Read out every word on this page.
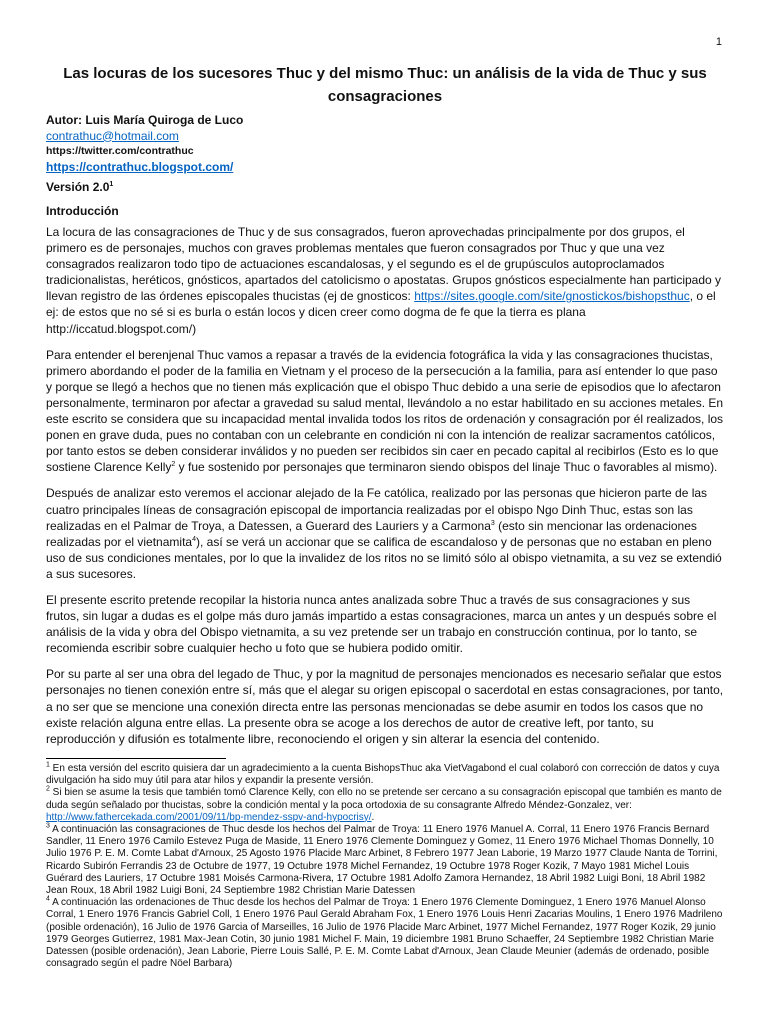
1
Las locuras de los sucesores Thuc y del mismo Thuc: un análisis de la vida de Thuc y sus consagraciones
Autor: Luis María Quiroga de Luco
contrathuc@hotmail.com
https://twitter.com/contrathuc
https://contrathuc.blogspot.com/
Versión $2.0^1$
Introducción

La locura de las consagraciones de Thuc y de sus consagrados, fueron aprovechadas principalmente por dos grupos, el primero es de personajes, muchos con graves problemas mentales que fueron consagrados por Thuc y que una vez consagrados realizaron todo tipo de actuaciones escandalosas, y el segundo es el de grupúsculos autoproclamados tradicionalistas, heréticos, gnósticos, apartados del catolicismo o apostatas. Grupos gnósticos especialmente han participado y llevan registro de las órdenes episcopales thucistas (ej de gnosticos: https://sites.google.com/site/gnostickos/bishopsthuc, o el ej: de estos que no sé si es burla o están locos y dicen creer como dogma de fe que la tierra es plana http://iccatud.blogspot.com/)

Para entender el berenjenal Thuc vamos a repasar a través de la evidencia fotográfica la vida y las consagraciones thucistas, primero abordando el poder de la familia en Vietnam y el proceso de la persecución a la familia, para así entender lo que paso y porque se llegó a hechos que no tienen más explicación que el obispo Thuc debido a una serie de episodios que lo afectaron personalmente, terminaron por afectar a gravedad su salud mental, llevándolo a no estar habilitado en su acciones metales. En este escrito se considera que su incapacidad mental invalida todos los ritos de ordenación y consagración por él realizados, los ponen en grave duda, pues no contaban con un celebrante en condición ni con la intención de realizar sacramentos católicos, por tanto estos se deben considerar inválidos y no pueden ser recibidos sin caer en pecado capital al recibirlos (Esto es lo que sostiene Clarence Kelly$^2$ y fue sostenido por personajes que terminaron siendo obispos del linaje Thuc o favorables al mismo).

Después de analizar esto veremos el accionar alejado de la Fe católica, realizado por las personas que hicieron parte de las cuatro principales líneas de consagración episcopal de importancia realizadas por el obispo Ngo Dinh Thuc, estas son las realizadas en el Palmar de Troya, a Datessen, a Guerard des Lauriers y a Carmona$^3$ (esto sin mencionar las ordenaciones realizadas por el vietnamita$^4$), así se verá un accionar que se califica de escandaloso y de personas que no estaban en pleno uso de sus condiciones mentales, por lo que la invalidez de los ritos no se limitó sólo al obispo vietnamita, a su vez se extendió a sus sucesores.

El presente escrito pretende recopilar la historia nunca antes analizada sobre Thuc a través de sus consagraciones y sus frutos, sin lugar a dudas es el golpe más duro jamás impartido a estas consagraciones, marca un antes y un después sobre el análisis de la vida y obra del Obispo vietnamita, a su vez pretende ser un trabajo en construcción continua, por lo tanto, se recomienda escribir sobre cualquier hecho u foto que se hubiera podido omitir.

Por su parte al ser una obra del legado de Thuc, y por la magnitud de personajes mencionados es necesario señalar que estos personajes no tienen conexión entre sí, más que el alegar su origen episcopal o sacerdotal en estas consagraciones, por tanto, a no ser que se mencione una conexión directa entre las personas mencionadas se debe asumir en todos los casos que no existe relación alguna entre ellas. La presente obra se acoge a los derechos de autor de creative left, por tanto, su reproducción y difusión es totalmente libre, reconociendo el origen y sin alterar la esencia del contenido.

$^1$ En esta versión del escrito quisiera dar un agradecimiento a la cuenta BishopsThuc aka VietVagabond el cual colaboró con corrección de datos y cuya divulgación ha sido muy útil para atar hilos y expandir la presente versión.
$^2$ Si bien se asume la tesis que también tomó Clarence Kelly, con ello no se pretende ser cercano a su consagración episcopal que también es manto de duda según señalado por thucistas, sobre la condición mental y la poca ortodoxia de su consagrante Alfredo Méndez-Gonzalez, ver: http://www.fathercekada.com/2001/09/11/bp-mendez-sspv-and-hypocrisy/.
$^3$ A continuación las consagraciones de Thuc desde los hechos del Palmar de Troya: 11 Enero 1976 Manuel A. Corral, 11 Enero 1976 Francis Bernard Sandler, 11 Enero 1976 Camilo Estevez Puga de Maside, 11 Enero 1976 Clemente Dominguez y Gomez, 11 Enero 1976 Michael Thomas Donnelly, 10 Julio 1976 P. E. M. Comte Labat d'Arnoux, 25 Agosto 1976 Placide Marc Arbinet, 8 Febrero 1977 Jean Laborie, 19 Marzo 1977 Claude Nanta de Torrini, Ricardo Subirón Ferrandis 23 de Octubre de 1977, 19 Octubre 1978 Michel Fernandez, 19 Octubre 1978 Roger Kozik, 7 Mayo 1981 Michel Louis Guérard des Lauriers, 17 Octubre 1981 Moisés Carmona-Rivera, 17 Octubre 1981 Adolfo Zamora Hernandez, 18 Abril 1982 Luigi Boni, 18 Abril 1982 Jean Roux, 18 Abril 1982 Luigi Boni, 24 Septiembre 1982 Christian Marie Datessen
$^4$ A continuación las ordenaciones de Thuc desde los hechos del Palmar de Troya: 1 Enero 1976 Clemente Dominguez, 1 Enero 1976 Manuel Alonso Corral, 1 Enero 1976 Francis Gabriel Coll, 1 Enero 1976 Paul Gerald Abraham Fox, 1 Enero 1976 Louis Henri Zacarias Moulins, 1 Enero 1976 Madrileno (posible ordenación), 16 Julio de 1976 Garcia of Marseilles, 16 Julio de 1976 Placide Marc Arbinet, 1977 Michel Fernandez, 1977 Roger Kozik, 29 junio 1979 Georges Gutierrez, 1981 Max-Jean Cotin, 30 junio 1981 Michel F. Main, 19 diciembre 1981 Bruno Schaeffer, 24 Septiembre 1982 Christian Marie Datessen (posible ordenación), Jean Laborie, Pierre Louis Sallé, P. E. M. Comte Labat d'Arnoux, Jean Claude Meunier (además de ordenado, posible consagrado según el padre Nöel Barbara)
